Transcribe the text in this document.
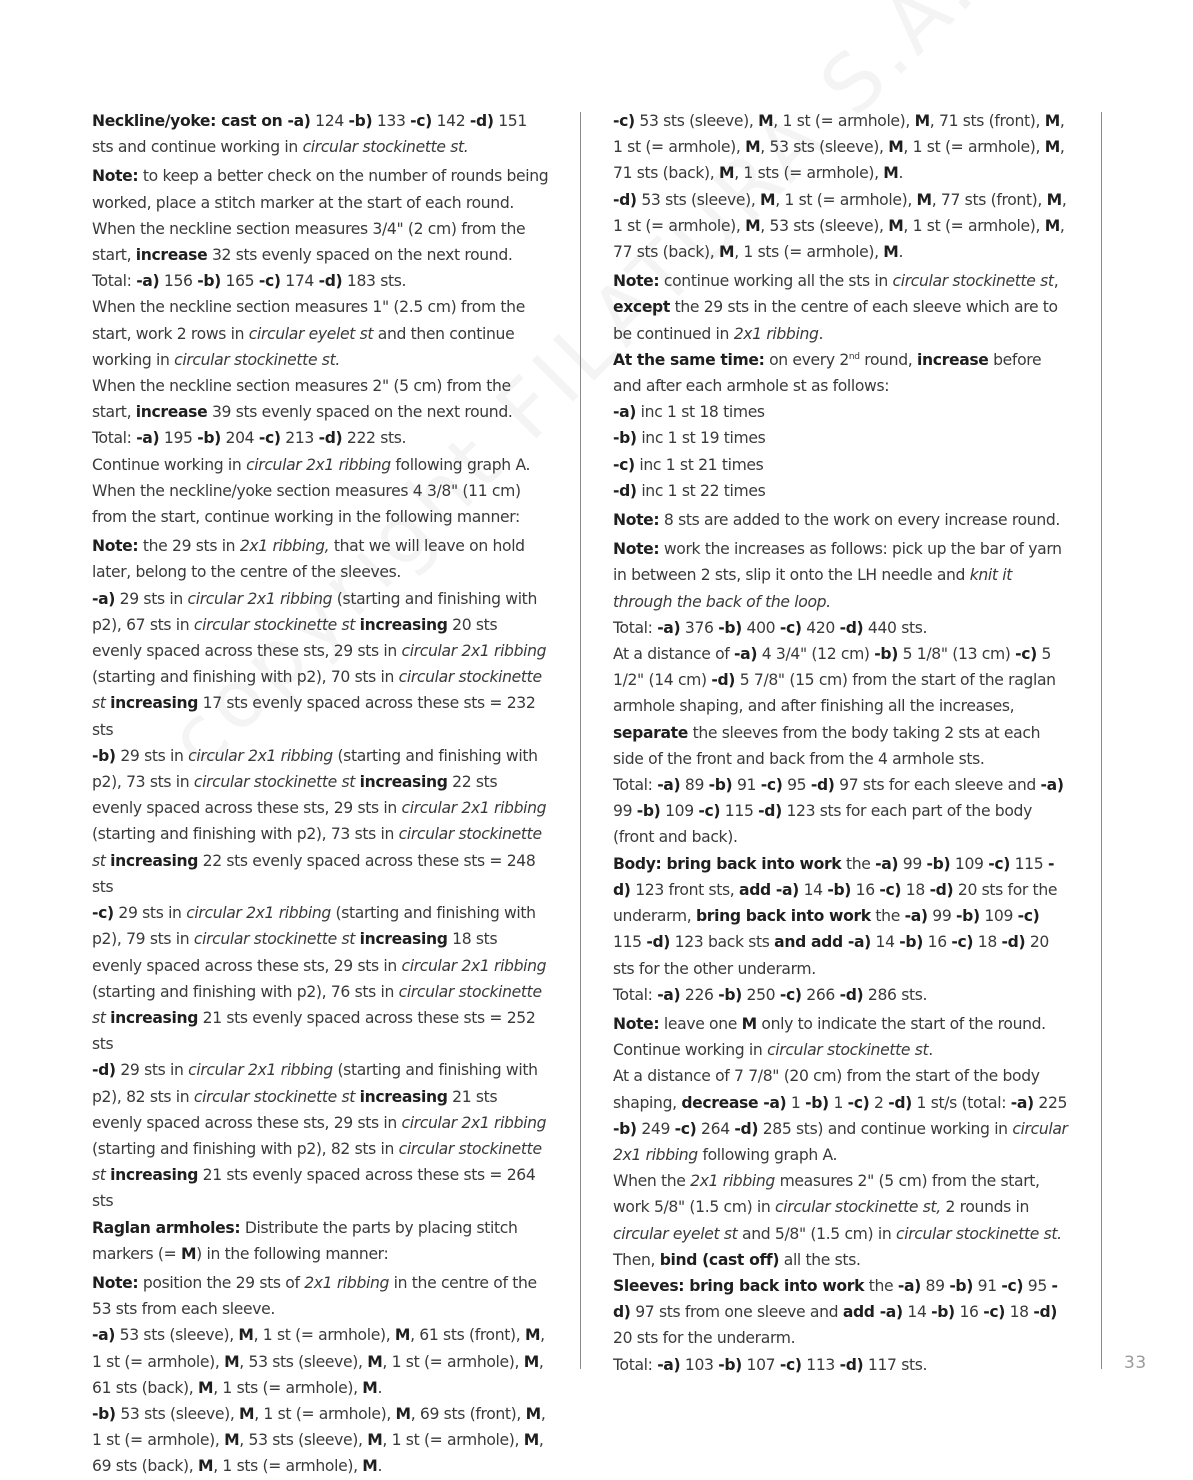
Neckline/yoke: cast on -a) 124 -b) 133 -c) 142 -d) 151 sts and continue working in circular stockinette st.

Note: to keep a better check on the number of rounds being worked, place a stitch marker at the start of each round.

When the neckline section measures 3/4" (2 cm) from the start, increase 32 sts evenly spaced on the next round.

Total: -a) 156 -b) 165 -c) 174 -d) 183 sts.

When the neckline section measures 1" (2.5 cm) from the start, work 2 rows in circular eyelet st and then continue working in circular stockinette st.

When the neckline section measures 2" (5 cm) from the start, increase 39 sts evenly spaced on the next round.

Total: -a) 195 -b) 204 -c) 213 -d) 222 sts.

Continue working in circular 2x1 ribbing following graph A.

When the neckline/yoke section measures 4 3/8" (11 cm) from the start, continue working in the following manner:

Note: the 29 sts in 2x1 ribbing, that we will leave on hold later, belong to the centre of the sleeves.

-a) 29 sts in circular 2x1 ribbing (starting and finishing with p2), 67 sts in circular stockinette st increasing 20 sts evenly spaced across these sts, 29 sts in circular 2x1 ribbing (starting and finishing with p2), 70 sts in circular stockinette st increasing 17 sts evenly spaced across these sts = 232 sts

-b) 29 sts in circular 2x1 ribbing (starting and finishing with p2), 73 sts in circular stockinette st increasing 22 sts evenly spaced across these sts, 29 sts in circular 2x1 ribbing (starting and finishing with p2), 73 sts in circular stockinette st increasing 22 sts evenly spaced across these sts = 248 sts

-c) 29 sts in circular 2x1 ribbing (starting and finishing with p2), 79 sts in circular stockinette st increasing 18 sts evenly spaced across these sts, 29 sts in circular 2x1 ribbing (starting and finishing with p2), 76 sts in circular stockinette st increasing 21 sts evenly spaced across these sts = 252 sts

-d) 29 sts in circular 2x1 ribbing (starting and finishing with p2), 82 sts in circular stockinette st increasing 21 sts evenly spaced across these sts, 29 sts in circular 2x1 ribbing (starting and finishing with p2), 82 sts in circular stockinette st increasing 21 sts evenly spaced across these sts = 264 sts

Raglan armholes: Distribute the parts by placing stitch markers (= M) in the following manner:

Note: position the 29 sts of 2x1 ribbing in the centre of the 53 sts from each sleeve.

-a) 53 sts (sleeve), M, 1 st (= armhole), M, 61 sts (front), M, 1 st (= armhole), M, 53 sts (sleeve), M, 1 st (= armhole), M, 61 sts (back), M, 1 sts (= armhole), M.

-b) 53 sts (sleeve), M, 1 st (= armhole), M, 69 sts (front), M, 1 st (= armhole), M, 53 sts (sleeve), M, 1 st (= armhole), M, 69 sts (back), M, 1 sts (= armhole), M.

-c) 53 sts (sleeve), M, 1 st (= armhole), M, 71 sts (front), M, 1 st (= armhole), M, 53 sts (sleeve), M, 1 st (= armhole), M, 71 sts (back), M, 1 sts (= armhole), M.

-d) 53 sts (sleeve), M, 1 st (= armhole), M, 77 sts (front), M, 1 st (= armhole), M, 53 sts (sleeve), M, 1 st (= armhole), M, 77 sts (back), M, 1 sts (= armhole), M.

Note: continue working all the sts in circular stockinette st, except the 29 sts in the centre of each sleeve which are to be continued in 2x1 ribbing.

At the same time: on every 2nd round, increase before and after each armhole st as follows:

-a) inc 1 st 18 times

-b) inc 1 st 19 times

-c) inc 1 st 21 times

-d) inc 1 st 22 times

Note: 8 sts are added to the work on every increase round.

Note: work the increases as follows: pick up the bar of yarn in between 2 sts, slip it onto the LH needle and knit it through the back of the loop.

Total: -a) 376 -b) 400 -c) 420 -d) 440 sts.

At a distance of -a) 4 3/4" (12 cm) -b) 5 1/8" (13 cm) -c) 5 1/2" (14 cm) -d) 5 7/8" (15 cm) from the start of the raglan armhole shaping, and after finishing all the increases, separate the sleeves from the body taking 2 sts at each side of the front and back from the 4 armhole sts.

Total: -a) 89 -b) 91 -c) 95 -d) 97 sts for each sleeve and -a) 99 -b) 109 -c) 115 -d) 123 sts for each part of the body (front and back).

Body: bring back into work the -a) 99 -b) 109 -c) 115 -d) 123 front sts, add -a) 14 -b) 16 -c) 18 -d) 20 sts for the underarm, bring back into work the -a) 99 -b) 109 -c) 115 -d) 123 back sts and add -a) 14 -b) 16 -c) 18 -d) 20 sts for the other underarm.

Total: -a) 226 -b) 250 -c) 266 -d) 286 sts.

Note: leave one M only to indicate the start of the round.

Continue working in circular stockinette st.

At a distance of 7 7/8" (20 cm) from the start of the body shaping, decrease -a) 1 -b) 1 -c) 2 -d) 1 st/s (total: -a) 225 -b) 249 -c) 264 -d) 285 sts) and continue working in circular 2x1 ribbing following graph A.

When the 2x1 ribbing measures 2" (5 cm) from the start, work 5/8" (1.5 cm) in circular stockinette st, 2 rounds in circular eyelet st and 5/8" (1.5 cm) in circular stockinette st. Then, bind (cast off) all the sts.

Sleeves: bring back into work the -a) 89 -b) 91 -c) 95 -d) 97 sts from one sleeve and add -a) 14 -b) 16 -c) 18 -d) 20 sts for the underarm.

Total: -a) 103 -b) 107 -c) 113 -d) 117 sts.	33
